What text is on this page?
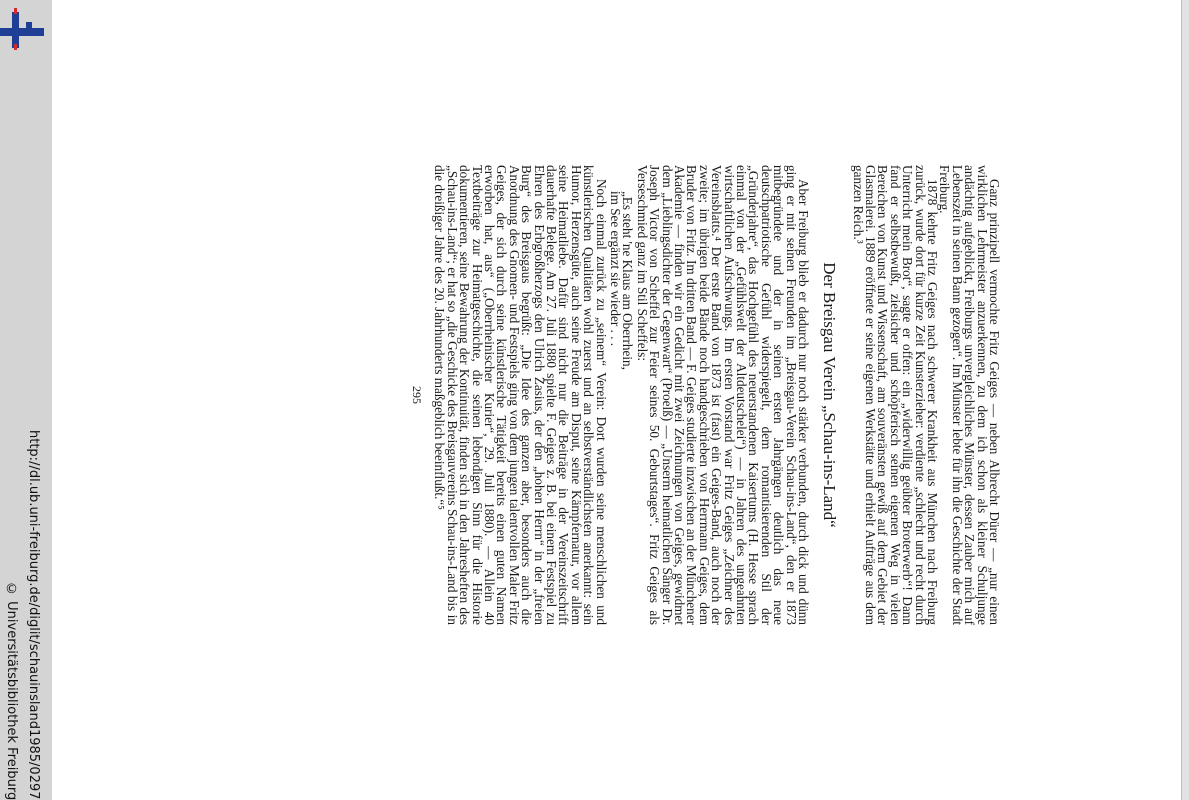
http://dl.ub.uni-freiburg.de/diglit/schauinsland1985/0297
© Universitätsbibliothek Freiburg

Ganz prinzipell vermochte Fritz Geiges — neben Albrecht Dürer — „nur einen wirklichen Lehrmeister anzuerkennen, zu dem ich schon als kleiner Schuljunge andächtig aufgeblickt, Freiburgs unvergleichliches Münster, dessen Zauber mich auf Lebenszeit in seinen Bann gezogen“. Im Münster lebte für ihn die Geschichte der Stadt Freiburg.

1878 kehrte Fritz Geiges nach schwerer Krankheit aus München nach Freiburg zurück, wurde dort für kurze Zeit Kunsterzieher: verdiente „schlecht und recht durch Unterricht mein Brot“, sagte er offen: ein „widerwillig geübter Broterwerb“! Dann fand er selbstbewußt, zielsicher und schöpferisch seinen eigenen Weg in vielen Bereichen von Kunst und Wissenschaft, am souveränsten gewiß auf dem Gebiet der Glasmalerei. 1889 eröffnete er seine eigenen Werkstätte und erhielt Aufträge aus dem ganzen Reich.³

Der Breisgau Verein „Schau-ins-Land“

Aber Freiburg blieb er dadurch nur noch stärker verbunden, durch dick und dünn ging er mit seinen Freunden im „Breisgau-Verein Schau-ins-Land“, den er 1873 mitbegründete und der in seinen ersten Jahrgängen deutlich das neue deutschpatriotische Gefühl widerspiegelt, dem romantisierenden Stil der „Gründerjahre“, das Hochgefühl des neuerstandenen Kaisertums (H. Hesse sprach einmal von der „Gefühlswelt der Altdeutschelei“) — in Jahren des ungeahnten wirtschaftlichen Aufschwungs. Im ersten Vorstand war Fritz Geiges „Zeichner des Vereinsblatts.⁴ Der erste Band von 1873 ist (fast) ein Geiges-Band, auch noch der zweite; im übrigen beide Bände noch handgeschrieben von Herrmann Geiges, dem Bruder von Fritz. Im dritten Band — F. Geiges studierte inzwischen an der Münchener Akademie — finden wir ein Gedicht mit zwei Zeichnungen von Geiges, gewidmet dem „Lieblingsdichter der Gegenwart“ (Proelß) — „Unserm heimatlichen Sänger Dr. Joseph Victor von Scheffel zur Feier seines 50. Geburtstages“. Fritz Geiges als Verseschmied ganz im Stil Scheffels:

„Es steht 'ne Klaus am Oberrhein,
im See ergänzt sie wieder . . .

Noch einmal zurück zu „seinem“ Verein: Dort wurden seine menschlichen und künstlerischen Qualitäten wohl zuerst und an selbstverständlichsten anerkannt: sein Humor, Herzensgüte, auch seine Freude am Disput, seine Kämpfernatur, vor allem seine Heimatliebe. Dafür sind nicht nur die Beiträge in der Vereinszeitschrift dauerhafte Belege. Am 27. Juli 1880 spielte F. Geiges z. B. bei einem Festspiel zu Ehren des Erbgroßherzogs den Ulrich Zasius, der den „hohen Herrn“ in der „freien Burg“ des Breisgaus begrüßt: „Die Idee des ganzen aber, besonders auch die Anordnung des Gnomen- und Festspiels ging von dem jungen talentvollen Maler Fritz Geiges, der sich durch seine künstlerische Tätigkeit bereits einen guten Namen erworben hat, aus“ („Oberrheinischer Kurier“, 29. Juli 1880). — Allein 40 Textbeiträge zur Heimatgeschichte, die seinen lebendigen Sinn für die Historie dokumentieren, seine Bewahrung der Kontinuität, finden sich in den Jahresheften des „Schau-ins-Land“; er hat so „die Geschicke des Breisgauvereins Schau-ins-Land bis in die dreißiger Jahre des 20. Jahrhunderts maßgeblich beeinflußt.“⁵

295
